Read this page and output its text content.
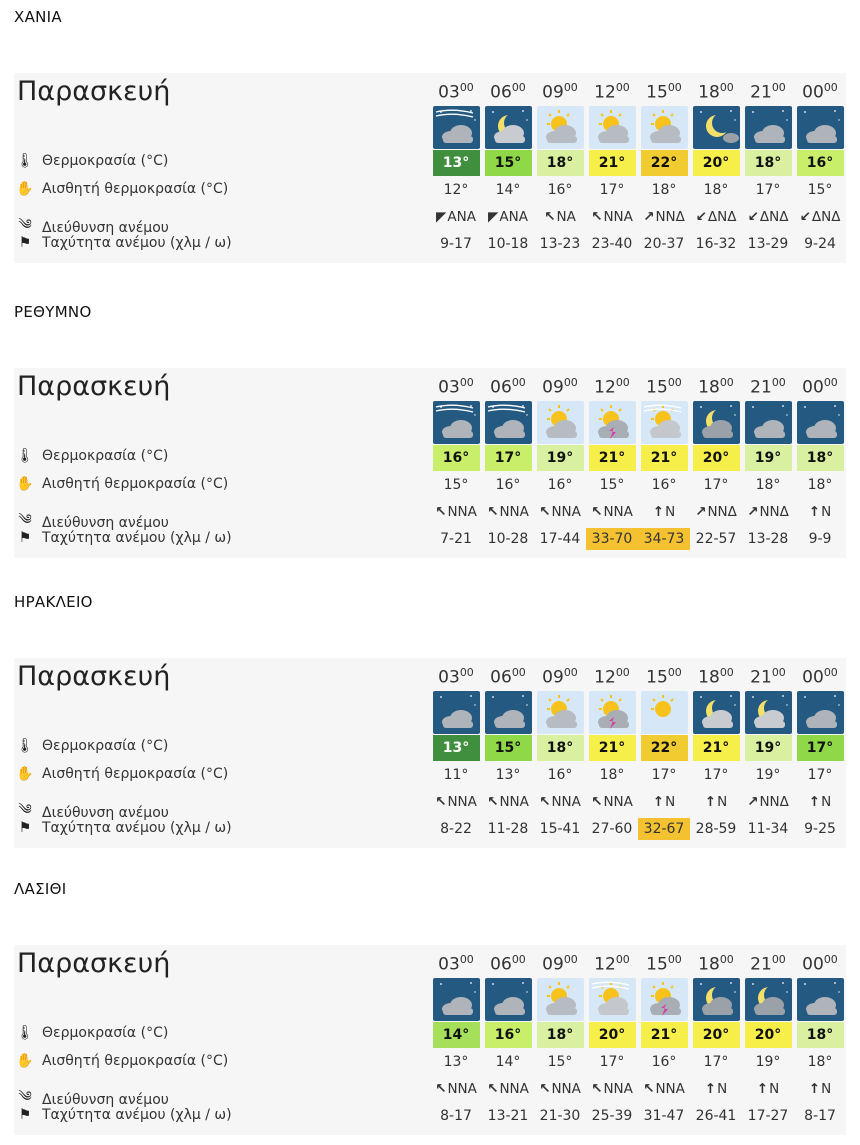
ΧΑΝΙΑ
Παρασκευή	$03^{00}$ $06^{00}$ $09^{00}$ $12^{00}$ $15^{00}$ $18^{00}$ $21^{00}$ $00^{00}$
🌡 Θερμοκρασία (°C)	13°	15°	18°	21°	22°	20°	18°	16°
✋ Αισθητή θερμοκρασία (°C)	12°	14°	16°	17°	18°	18°	17°	15°
༄ Διεύθυνση ανέμου
◤ΑΝΑ ◤ΑΝΑ	↖ΝΑ	↖ΝΝΑ ↗ΝΝΔ ↙ΔΝΔ ↙ΔΝΔ ↙ΔΝΔ
⚑ Ταχύτητα ανέμου (χλμ / ω)	9-17	10-18 13-23 23-40 20-37 16-32 13-29	9-24
ΡΕΘΥΜΝΟ
Παρασκευή	$03^{00}$ $06^{00}$ $09^{00}$ $12^{00}$ $15^{00}$ $18^{00}$ $21^{00}$ $00^{00}$
🌡 Θερμοκρασία (°C)	16°	17°	19°	21°	21°	20°	19°	18°
✋ Αισθητή θερμοκρασία (°C)	15°	16°	16°	15°	16°	17°	18°	18°
༄ Διεύθυνση ανέμου
↖ΝΝΑ ↖ΝΝΑ ↖ΝΝΑ ↖ΝΝΑ	↑Ν	↗ΝΝΔ ↗ΝΝΔ	↑Ν
⚑ Ταχύτητα ανέμου (χλμ / ω)	7-21	10-28 17-44 33-70 34-73 22-57 13-28	9-9
ΗΡΑΚΛΕΙΟ
Παρασκευή	$03^{00}$ $06^{00}$ $09^{00}$ $12^{00}$ $15^{00}$ $18^{00}$ $21^{00}$ $00^{00}$
🌡 Θερμοκρασία (°C)	13°	15°	18°	21°	22°	21°	19°	17°
✋ Αισθητή θερμοκρασία (°C)	11°	13°	16°	18°	17°	17°	19°	17°
༄ Διεύθυνση ανέμου
↖ΝΝΑ ↖ΝΝΑ ↖ΝΝΑ ↖ΝΝΑ	↑Ν	↑Ν	↗ΝΝΔ	↑Ν
⚑ Ταχύτητα ανέμου (χλμ / ω)	8-22	11-28 15-41 27-60 32-67 28-59 11-34	9-25
ΛΑΣΙΘΙ
Παρασκευή	$03^{00}$ $06^{00}$ $09^{00}$ $12^{00}$ $15^{00}$ $18^{00}$ $21^{00}$ $00^{00}$
🌡 Θερμοκρασία (°C)	14°	16°	18°	20°	21°	20°	20°	18°
✋ Αισθητή θερμοκρασία (°C)	13°	14°	15°	17°	16°	17°	19°	18°
༄ Διεύθυνση ανέμου
↖ΝΝΑ ↖ΝΝΑ ↖ΝΝΑ ↖ΝΝΑ ↖ΝΝΑ	↑Ν	↑Ν	↑Ν
⚑ Ταχύτητα ανέμου (χλμ / ω)	8-17	13-21 21-30 25-39 31-47 26-41 17-27	8-17
